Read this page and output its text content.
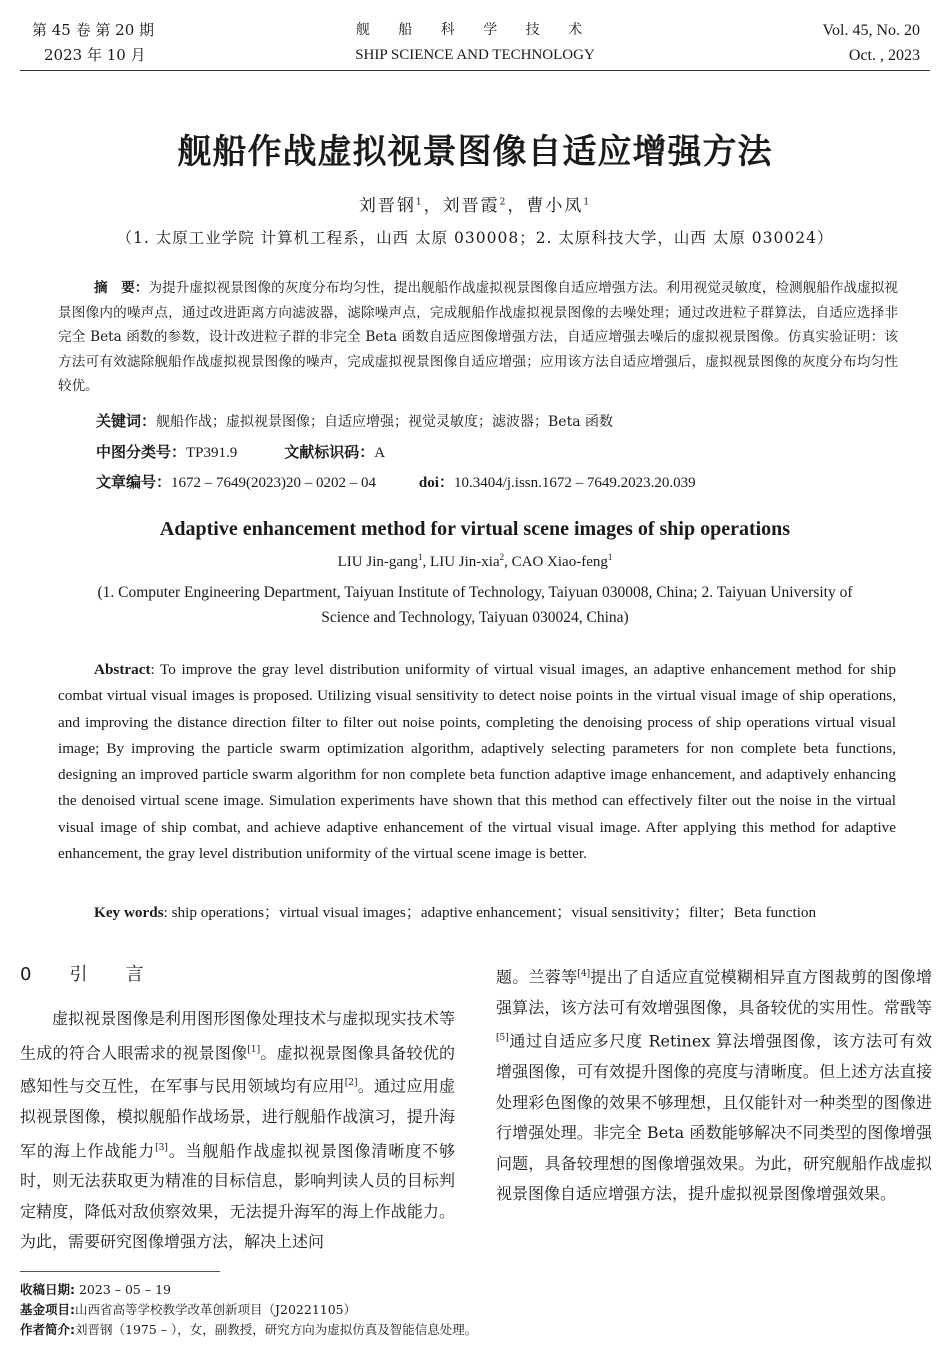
第 45 卷 第 20 期
2023 年 10 月
舰 船 科 学 技 术
SHIP SCIENCE AND TECHNOLOGY
Vol. 45, No. 20
Oct. , 2023
舰船作战虚拟视景图像自适应增强方法
刘晋钢$^1$，刘晋霞$^2$，曹小凤$^1$
（1. 太原工业学院 计算机工程系，山西 太原 030008；2. 太原科技大学，山西 太原 030024）
摘　要：为提升虚拟视景图像的灰度分布均匀性，提出舰船作战虚拟视景图像自适应增强方法。利用视觉灵敏度，检测舰船作战虚拟视景图像内的噪声点，通过改进距离方向滤波器，滤除噪声点，完成舰船作战虚拟视景图像的去噪处理；通过改进粒子群算法，自适应选择非完全 Beta 函数的参数，设计改进粒子群的非完全 Beta 函数自适应图像增强方法，自适应增强去噪后的虚拟视景图像。仿真实验证明：该方法可有效滤除舰船作战虚拟视景图像的噪声，完成虚拟视景图像自适应增强；应用该方法自适应增强后，虚拟视景图像的灰度分布均匀性较优。
关键词：舰船作战；虚拟视景图像；自适应增强；视觉灵敏度；滤波器；Beta 函数
中图分类号：TP391.9	文献标识码：A
文章编号：1672 – 7649(2023)20 – 0202 – 04	doi：10.3404/j.issn.1672 – 7649.2023.20.039
Adaptive enhancement method for virtual scene images of ship operations
LIU Jin-gang$^1$, LIU Jin-xia$^2$, CAO Xiao-feng$^1$
(1. Computer Engineering Department, Taiyuan Institute of Technology, Taiyuan 030008, China; 2. Taiyuan University of
Science and Technology, Taiyuan 030024, China)
Abstract: To improve the gray level distribution uniformity of virtual visual images, an adaptive enhancement method for ship combat virtual visual images is proposed. Utilizing visual sensitivity to detect noise points in the virtual visual image of ship operations, and improving the distance direction filter to filter out noise points, completing the denoising process of ship operations virtual visual image; By improving the particle swarm optimization algorithm, adaptively selecting parameters for non complete beta functions, designing an improved particle swarm algorithm for non complete beta function adaptive image enhancement, and adaptively enhancing the denoised virtual scene image. Simulation experiments have shown that this method can effectively filter out the noise in the virtual visual image of ship combat, and achieve adaptive enhancement of the virtual visual image. After applying this method for adaptive enhancement, the gray level distribution uniformity of the virtual scene image is better.
Key words: ship operations；virtual visual images；adaptive enhancement；visual sensitivity；filter；Beta function
0　引　言
虚拟视景图像是利用图形图像处理技术与虚拟现实技术等生成的符合人眼需求的视景图像[1]。虚拟视景图像具备较优的感知性与交互性，在军事与民用领域均有应用[2]。通过应用虚拟视景图像，模拟舰船作战场景，进行舰船作战演习，提升海军的海上作战能力[3]。当舰船作战虚拟视景图像清晰度不够时，则无法获取更为精准的目标信息，影响判读人员的目标判定精度，降低对敌侦察效果，无法提升海军的海上作战能力。为此，需要研究图像增强方法，解决上述问
题。兰蓉等[4]提出了自适应直觉模糊相异直方图裁剪的图像增强算法，该方法可有效增强图像，具备较优的实用性。常戬等[5]通过自适应多尺度 Retinex 算法增强图像，该方法可有效增强图像，可有效提升图像的亮度与清晰度。但上述方法直接处理彩色图像的效果不够理想，且仅能针对一种类型的图像进行增强处理。非完全 Beta 函数能够解决不同类型的图像增强问题，具备较理想的图像增强效果。为此，研究舰船作战虚拟视景图像自适应增强方法，提升虚拟视景图像增强效果。
收稿日期: 2023 – 05 – 19
基金项目:山西省高等学校教学改革创新项目（J20221105）
作者简介:刘晋钢（1975 – ），女，副教授，研究方向为虚拟仿真及智能信息处理。
